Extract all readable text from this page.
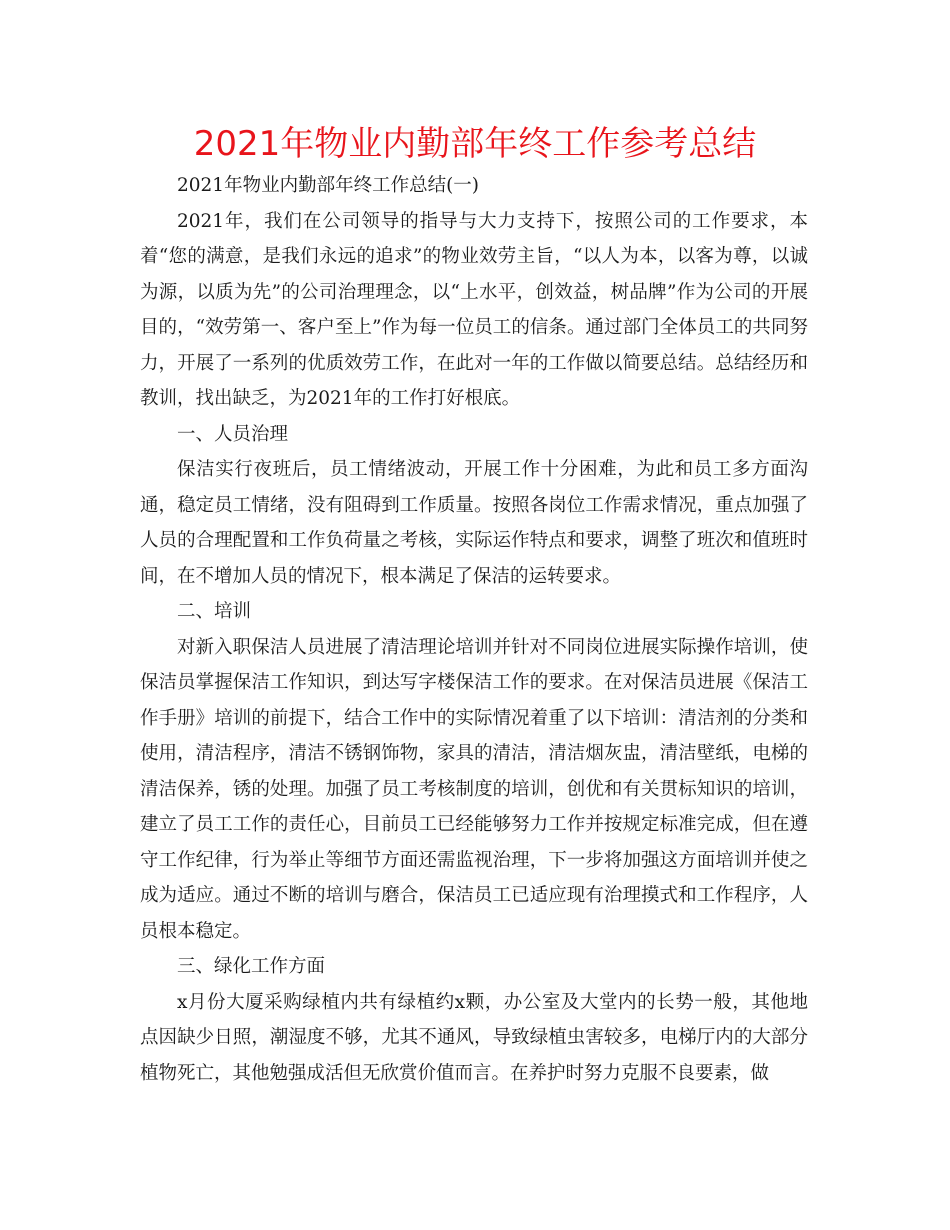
2021年物业内勤部年终工作参考总结

2021年物业内勤部年终工作总结(一)

2021年，我们在公司领导的指导与大力支持下，按照公司的工作要求，本着“您的满意，是我们永远的追求”的物业效劳主旨，“以人为本，以客为尊，以诚为源，以质为先”的公司治理理念，以“上水平，创效益，树品牌”作为公司的开展目的，“效劳第一、客户至上”作为每一位员工的信条。通过部门全体员工的共同努力，开展了一系列的优质效劳工作，在此对一年的工作做以简要总结。总结经历和教训，找出缺乏，为2021年的工作打好根底。

一、人员治理

保洁实行夜班后，员工情绪波动，开展工作十分困难，为此和员工多方面沟通，稳定员工情绪，没有阻碍到工作质量。按照各岗位工作需求情况，重点加强了人员的合理配置和工作负荷量之考核，实际运作特点和要求，调整了班次和值班时间，在不增加人员的情况下，根本满足了保洁的运转要求。

二、培训

对新入职保洁人员进展了清洁理论培训并针对不同岗位进展实际操作培训，使保洁员掌握保洁工作知识，到达写字楼保洁工作的要求。在对保洁员进展《保洁工作手册》培训的前提下，结合工作中的实际情况着重了以下培训：清洁剂的分类和使用，清洁程序，清洁不锈钢饰物，家具的清洁，清洁烟灰盅，清洁壁纸，电梯的清洁保养，锈的处理。加强了员工考核制度的培训，创优和有关贯标知识的培训，建立了员工工作的责任心，目前员工已经能够努力工作并按规定标准完成，但在遵守工作纪律，行为举止等细节方面还需监视治理，下一步将加强这方面培训并使之成为适应。通过不断的培训与磨合，保洁员工已适应现有治理摸式和工作程序，人员根本稳定。

三、绿化工作方面

x月份大厦采购绿植内共有绿植约x颗，办公室及大堂内的长势一般，其他地点因缺少日照，潮湿度不够，尤其不通风，导致绿植虫害较多，电梯厅内的大部分植物死亡，其他勉强成活但无欣赏价值而言。在养护时努力克服不良要素，做
